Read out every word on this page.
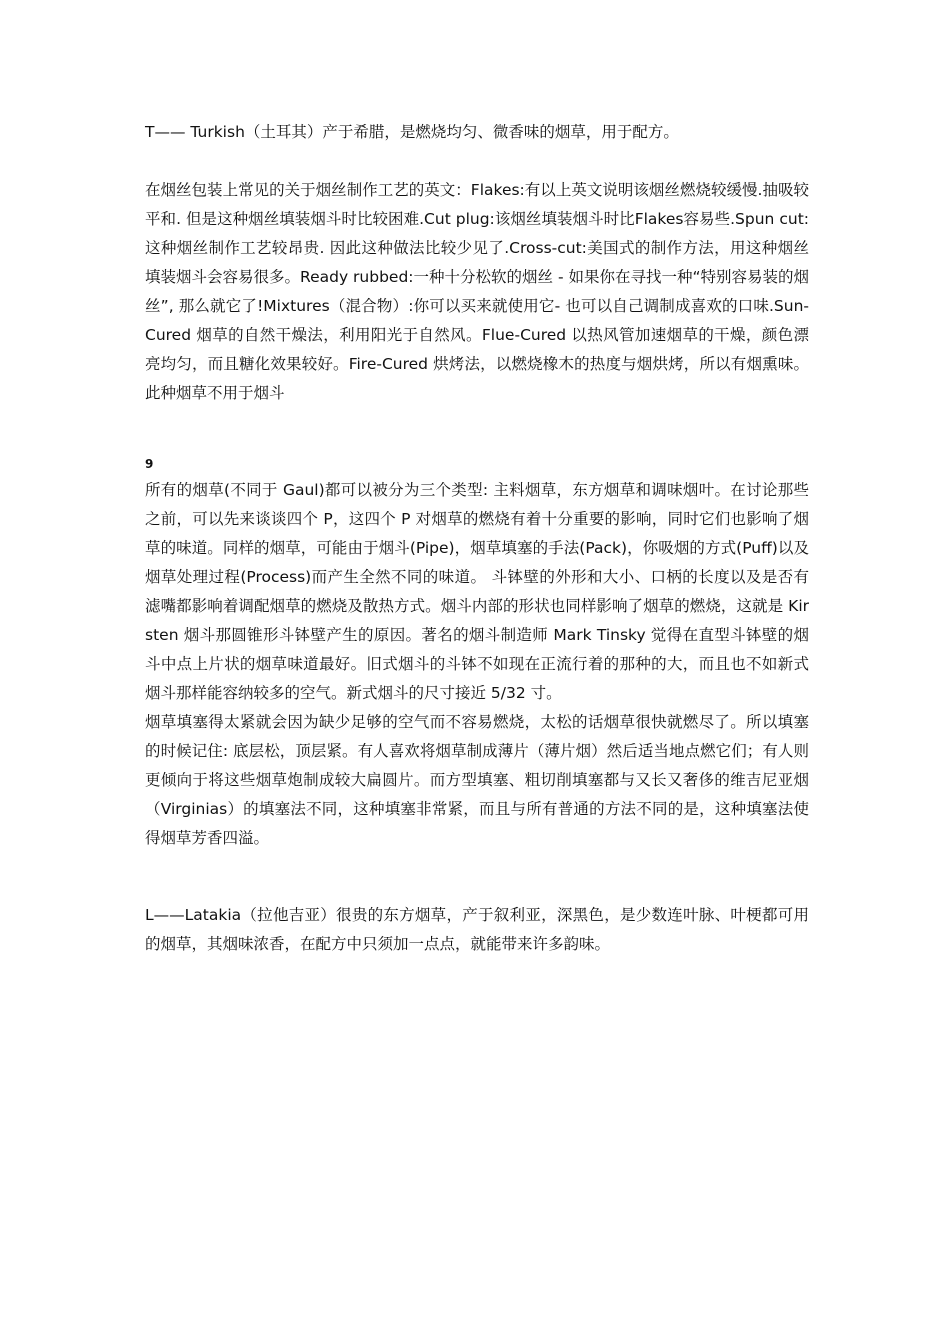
T—— Turkish（土耳其）产于希腊，是燃烧均匀、微香味的烟草，用于配方。

在烟丝包装上常见的关于烟丝制作工艺的英文：Flakes:有以上英文说明该烟丝燃烧较缓慢.抽吸较平和. 但是这种烟丝填装烟斗时比较困难.Cut plug:该烟丝填装烟斗时比Flakes容易些.Spun cut:这种烟丝制作工艺较昂贵. 因此这种做法比较少见了.Cross-cut:美国式的制作方法，用这种烟丝填装烟斗会容易很多。Ready rubbed:一种十分松软的烟丝 - 如果你在寻找一种“特别容易装的烟丝”, 那么就它了!Mixtures（混合物）:你可以买来就使用它- 也可以自己调制成喜欢的口味.Sun-Cured 烟草的自然干燥法，利用阳光于自然风。Flue-Cured 以热风管加速烟草的干燥，颜色漂亮均匀，而且糖化效果较好。Fire-Cured 烘烤法，以燃烧橡木的热度与烟烘烤，所以有烟熏味。此种烟草不用于烟斗

9

所有的烟草(不同于 Gaul)都可以被分为三个类型: 主料烟草，东方烟草和调味烟叶。在讨论那些之前，可以先来谈谈四个 P，这四个 P 对烟草的燃烧有着十分重要的影响，同时它们也影响了烟草的味道。同样的烟草，可能由于烟斗(Pipe)，烟草填塞的手法(Pack)，你吸烟的方式(Puff)以及烟草处理过程(Process)而产生全然不同的味道。 斗钵壁的外形和大小、口柄的长度以及是否有滤嘴都影响着调配烟草的燃烧及散热方式。烟斗内部的形状也同样影响了烟草的燃烧，这就是 Kirsten 烟斗那圆锥形斗钵壁产生的原因。著名的烟斗制造师 Mark Tinsky 觉得在直型斗钵壁的烟斗中点上片状的烟草味道最好。旧式烟斗的斗钵不如现在正流行着的那种的大，而且也不如新式烟斗那样能容纳较多的空气。新式烟斗的尺寸接近 5/32 寸。

烟草填塞得太紧就会因为缺少足够的空气而不容易燃烧，太松的话烟草很快就燃尽了。所以填塞的时候记住: 底层松，顶层紧。有人喜欢将烟草制成薄片（薄片烟）然后适当地点燃它们；有人则更倾向于将这些烟草炮制成较大扁圆片。而方型填塞、粗切削填塞都与又长又奢侈的维吉尼亚烟（Virginias）的填塞法不同，这种填塞非常紧，而且与所有普通的方法不同的是，这种填塞法使得烟草芳香四溢。

L——Latakia（拉他吉亚）很贵的东方烟草，产于叙利亚，深黑色，是少数连叶脉、叶梗都可用的烟草，其烟味浓香，在配方中只须加一点点，就能带来许多韵味。
